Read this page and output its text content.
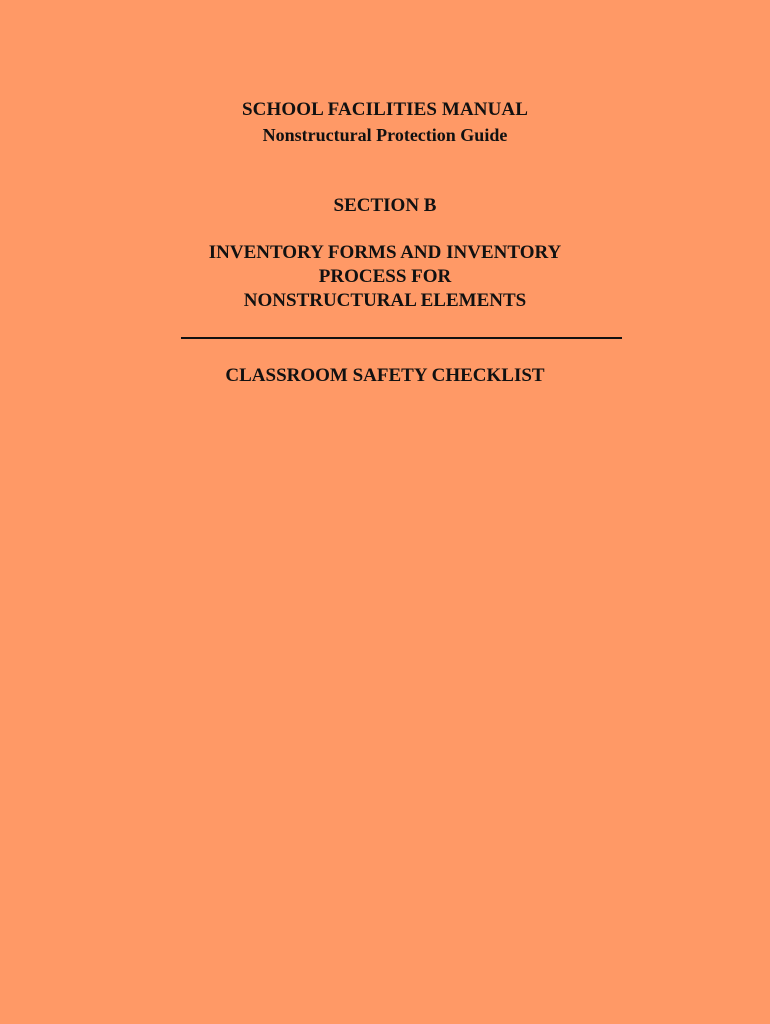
SCHOOL FACILITIES MANUAL
Nonstructural Protection Guide
SECTION B
INVENTORY FORMS AND INVENTORY
PROCESS FOR
NONSTRUCTURAL ELEMENTS
CLASSROOM SAFETY CHECKLIST
